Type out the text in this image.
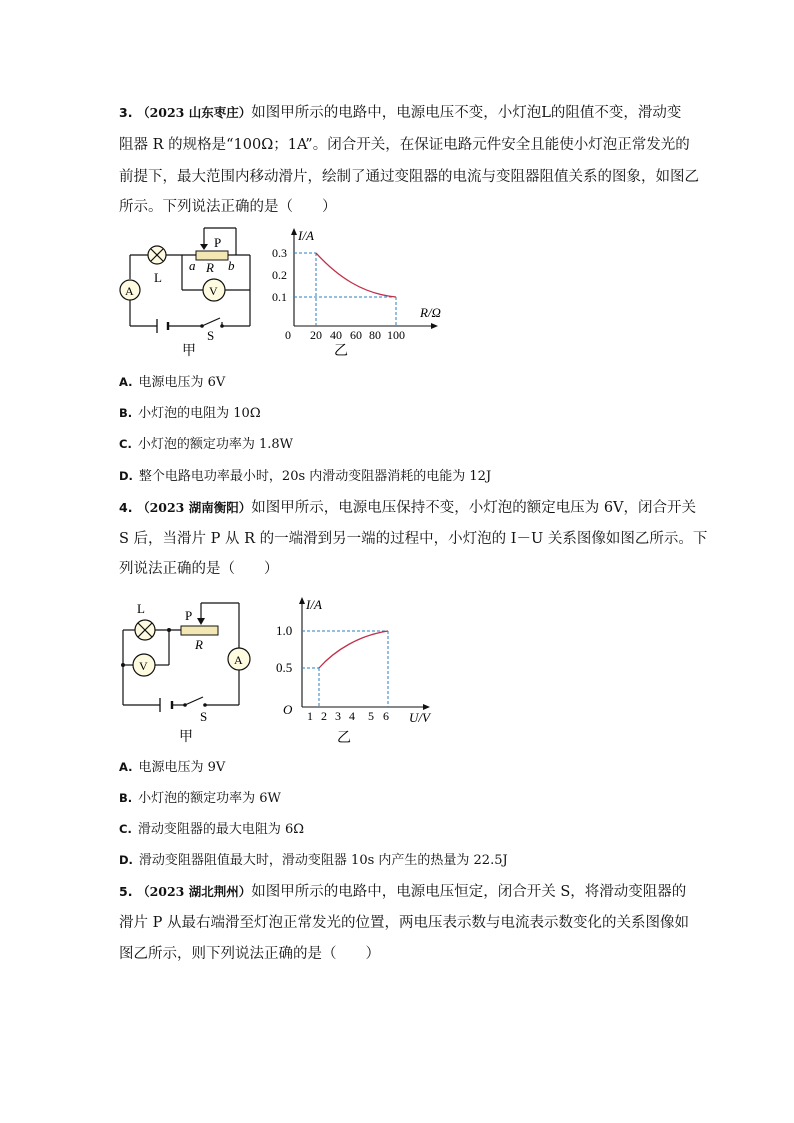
3. （2023 山东枣庄）如图甲所示的电路中，电源电压不变，小灯泡L的阻值不变，滑动变
阻器 R 的规格是“100Ω；1A”。闭合开关，在保证电路元件安全且能使小灯泡正常发光的
前提下，最大范围内移动滑片，绘制了通过变阻器的电流与变阻器阻值关系的图象，如图乙
所示。下列说法正确的是（　　）
P
a R b
L
A	V
S
甲
I/A
R/Ω
0.3
0.2
0.1
0 20 40 60 80 100
乙
A. 电源电压为 6V
B. 小灯泡的电阻为 10Ω
C. 小灯泡的额定功率为 1.8W
D. 整个电路电功率最小时，20s 内滑动变阻器消耗的电能为 12J
4. （2023 湖南衡阳）如图甲所示，电源电压保持不变，小灯泡的额定电压为 6V，闭合开关
S 后，当滑片 P 从 R 的一端滑到另一端的过程中，小灯泡的 I－U 关系图像如图乙所示。下
列说法正确的是（　　）
L	P
R
V	A
S
甲
I/A
U/V
1.0
0.5
O 1 2 3 4 5 6
乙
A. 电源电压为 9V
B. 小灯泡的额定功率为 6W
C. 滑动变阻器的最大电阻为 6Ω
D. 滑动变阻器阻值最大时，滑动变阻器 10s 内产生的热量为 22.5J
5. （2023 湖北荆州）如图甲所示的电路中，电源电压恒定，闭合开关 S，将滑动变阻器的
滑片 P 从最右端滑至灯泡正常发光的位置，两电压表示数与电流表示数变化的关系图像如
图乙所示，则下列说法正确的是（　　）
